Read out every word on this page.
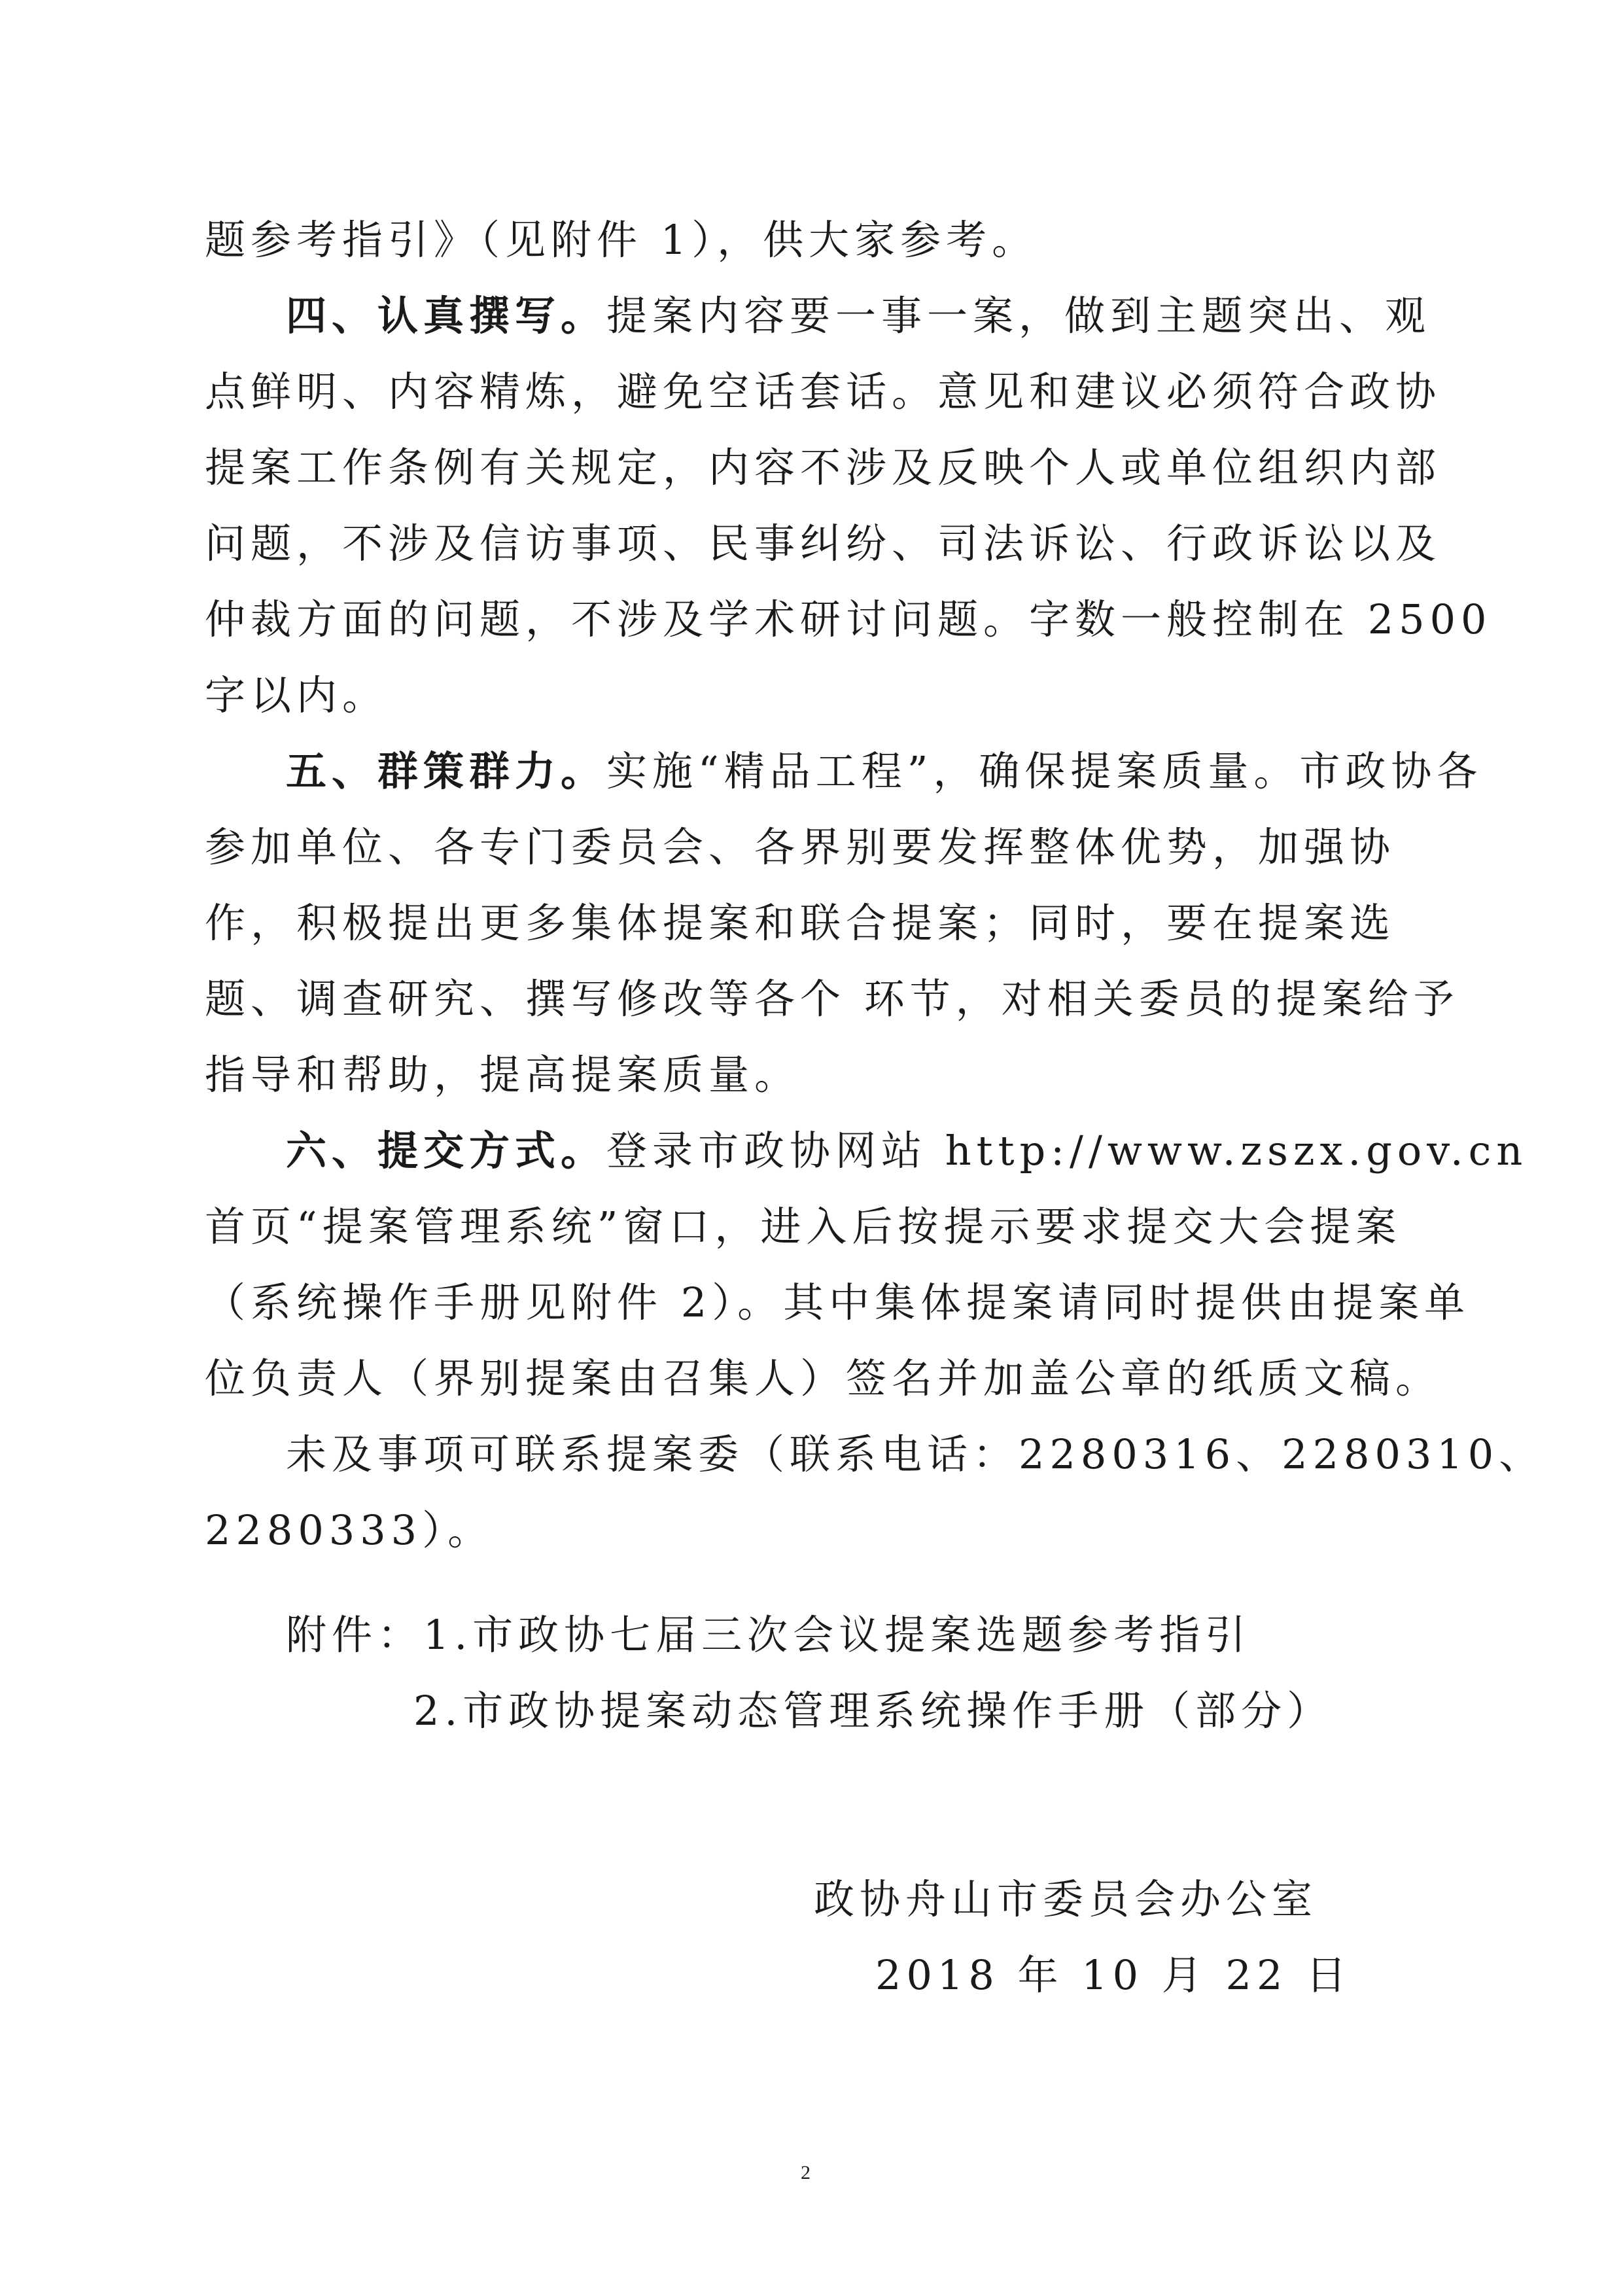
题参考指引》（见附件 1），供大家参考。
四、认真撰写。提案内容要一事一案，做到主题突出、观
点鲜明、内容精炼，避免空话套话。意见和建议必须符合政协
提案工作条例有关规定，内容不涉及反映个人或单位组织内部
问题，不涉及信访事项、民事纠纷、司法诉讼、行政诉讼以及
仲裁方面的问题，不涉及学术研讨问题。字数一般控制在 2500
字以内。
五、群策群力。实施“精品工程”，确保提案质量。市政协各
参加单位、各专门委员会、各界别要发挥整体优势，加强协
作，积极提出更多集体提案和联合提案；同时，要在提案选
题、调查研究、撰写修改等各个 环节，对相关委员的提案给予
指导和帮助，提高提案质量。
六、提交方式。登录市政协网站 http://www.zszx.gov.cn
首页“提案管理系统”窗口，进入后按提示要求提交大会提案
（系统操作手册见附件 2）。其中集体提案请同时提供由提案单
位负责人（界别提案由召集人）签名并加盖公章的纸质文稿。
未及事项可联系提案委（联系电话：2280316、2280310、
2280333）。
附件：1.市政协七届三次会议提案选题参考指引
2.市政协提案动态管理系统操作手册（部分）
政协舟山市委员会办公室
2018 年 10 月 22 日
2
